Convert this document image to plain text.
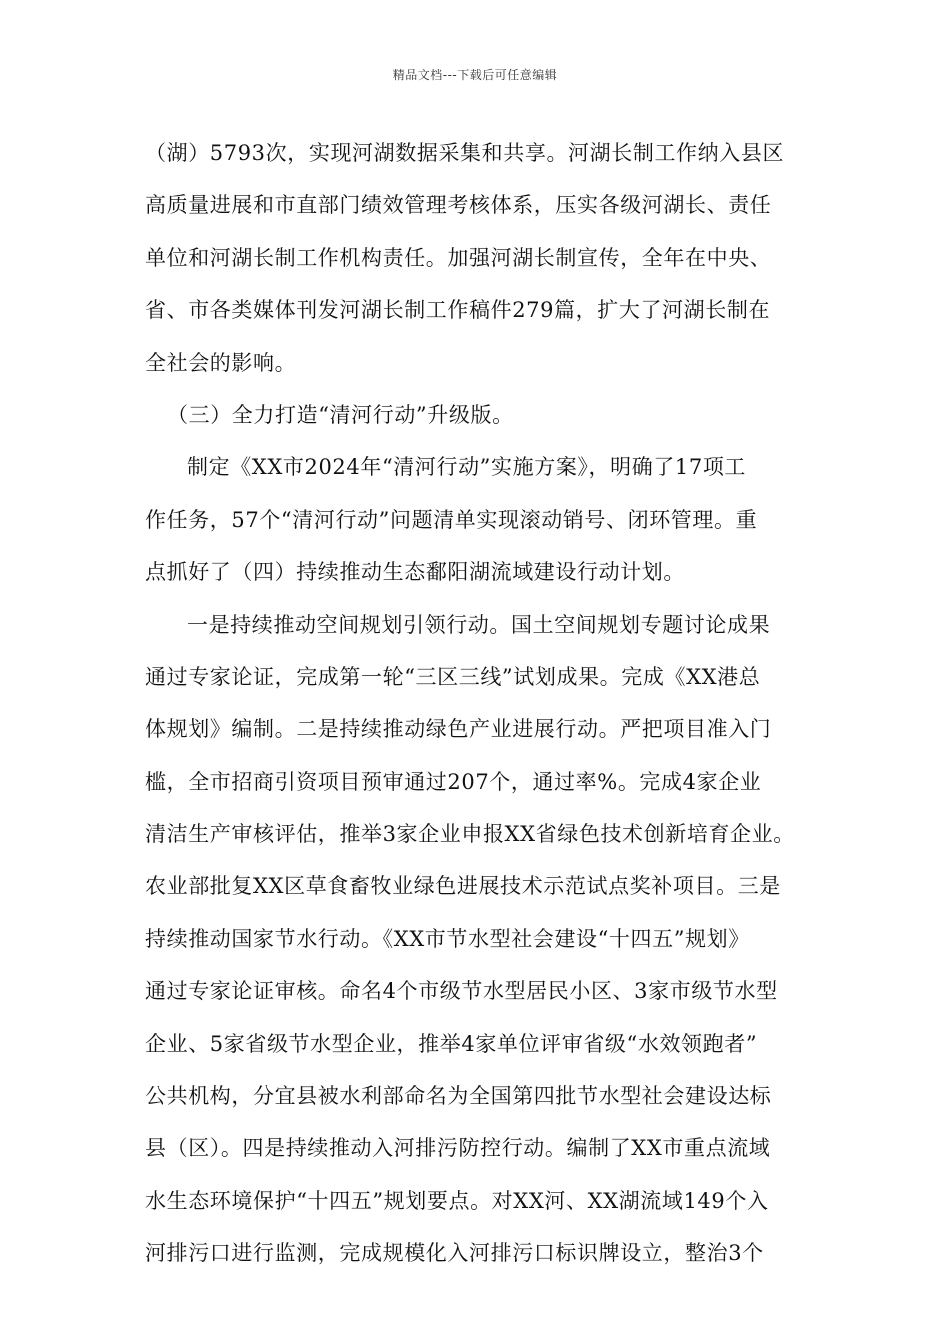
精品文档---下载后可任意编辑
（湖）5793次，实现河湖数据采集和共享。河湖长制工作纳入县区
高质量进展和市直部门绩效管理考核体系，压实各级河湖长、责任
单位和河湖长制工作机构责任。加强河湖长制宣传，全年在中央、
省、市各类媒体刊发河湖长制工作稿件279篇，扩大了河湖长制在
全社会的影响。
（三）全力打造“清河行动”升级版。
制定《XX市2024年“清河行动”实施方案》，明确了17项工
作任务，57个“清河行动”问题清单实现滚动销号、闭环管理。重
点抓好了（四）持续推动生态鄱阳湖流域建设行动计划。
一是持续推动空间规划引领行动。国土空间规划专题讨论成果
通过专家论证，完成第一轮“三区三线”试划成果。完成《XX港总
体规划》编制。二是持续推动绿色产业进展行动。严把项目准入门
槛，全市招商引资项目预审通过207个，通过率%。完成4家企业
清洁生产审核评估，推举3家企业申报XX省绿色技术创新培育企业。
农业部批复XX区草食畜牧业绿色进展技术示范试点奖补项目。三是
持续推动国家节水行动。《XX市节水型社会建设“十四五”规划》
通过专家论证审核。命名4个市级节水型居民小区、3家市级节水型
企业、5家省级节水型企业，推举4家单位评审省级“水效领跑者”
公共机构，分宜县被水利部命名为全国第四批节水型社会建设达标
县（区）。四是持续推动入河排污防控行动。编制了XX市重点流域
水生态环境保护“十四五”规划要点。对XX河、XX湖流域149个入
河排污口进行监测，完成规模化入河排污口标识牌设立，整治3个
